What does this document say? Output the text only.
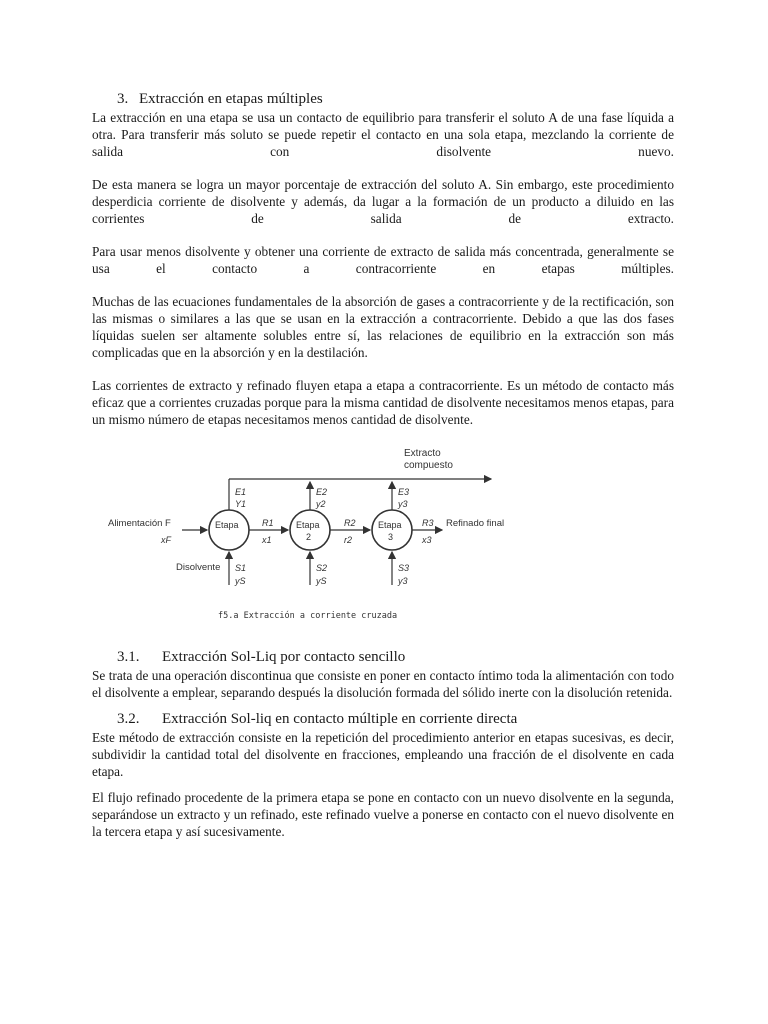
3. Extracción en etapas múltiples

La extracción en una etapa se usa un contacto de equilibrio para transferir el soluto A de una fase líquida a otra. Para transferir más soluto se puede repetir el contacto en una sola etapa, mezclando la corriente de salida con disolvente nuevo.

De esta manera se logra un mayor porcentaje de extracción del soluto A. Sin embargo, este procedimiento desperdicia corriente de disolvente y además, da lugar a la formación de un producto a diluido en las corrientes de salida de extracto.

Para usar menos disolvente y obtener una corriente de extracto de salida más concentrada, generalmente se usa el contacto a contracorriente en etapas múltiples.

Muchas de las ecuaciones fundamentales de la absorción de gases a contracorriente y de la rectificación, son las mismas o similares a las que se usan en la extracción a contracorriente. Debido a que las dos fases líquidas suelen ser altamente solubles entre sí, las relaciones de equilibrio en la extracción son más complicadas que en la absorción y en la destilación.

Las corrientes de extracto y refinado fluyen etapa a etapa a contracorriente. Es un método de contacto más eficaz que a corrientes cruzadas porque para la misma cantidad de disolvente necesitamos menos etapas, para un mismo número de etapas necesitamos menos cantidad de disolvente.

Extracto
compuesto
Etapa	Etapa
2
Etapa
3
E1
Y1
E2
y2
E3
y3
Alimentación F
xF
R1
x1
R2
r2
R3
x3
Refinado final
Disolvente S1
yS
S2
yS
S3
y3
f5.a Extracción a corriente cruzada
3.1.	Extracción Sol-Liq por contacto sencillo

Se trata de una operación discontinua que consiste en poner en contacto íntimo toda la alimentación con todo el disolvente a emplear, separando después la disolución formada del sólido inerte con la disolución retenida.

3.2.	Extracción Sol-liq en contacto múltiple en corriente directa

Este método de extracción consiste en la repetición del procedimiento anterior en etapas sucesivas, es decir, subdividir la cantidad total del disolvente en fracciones, empleando una fracción de el disolvente en cada etapa.

El flujo refinado procedente de la primera etapa se pone en contacto con un nuevo disolvente en la segunda, separándose un extracto y un refinado, este refinado vuelve a ponerse en contacto con el nuevo disolvente en la tercera etapa y así sucesivamente.
